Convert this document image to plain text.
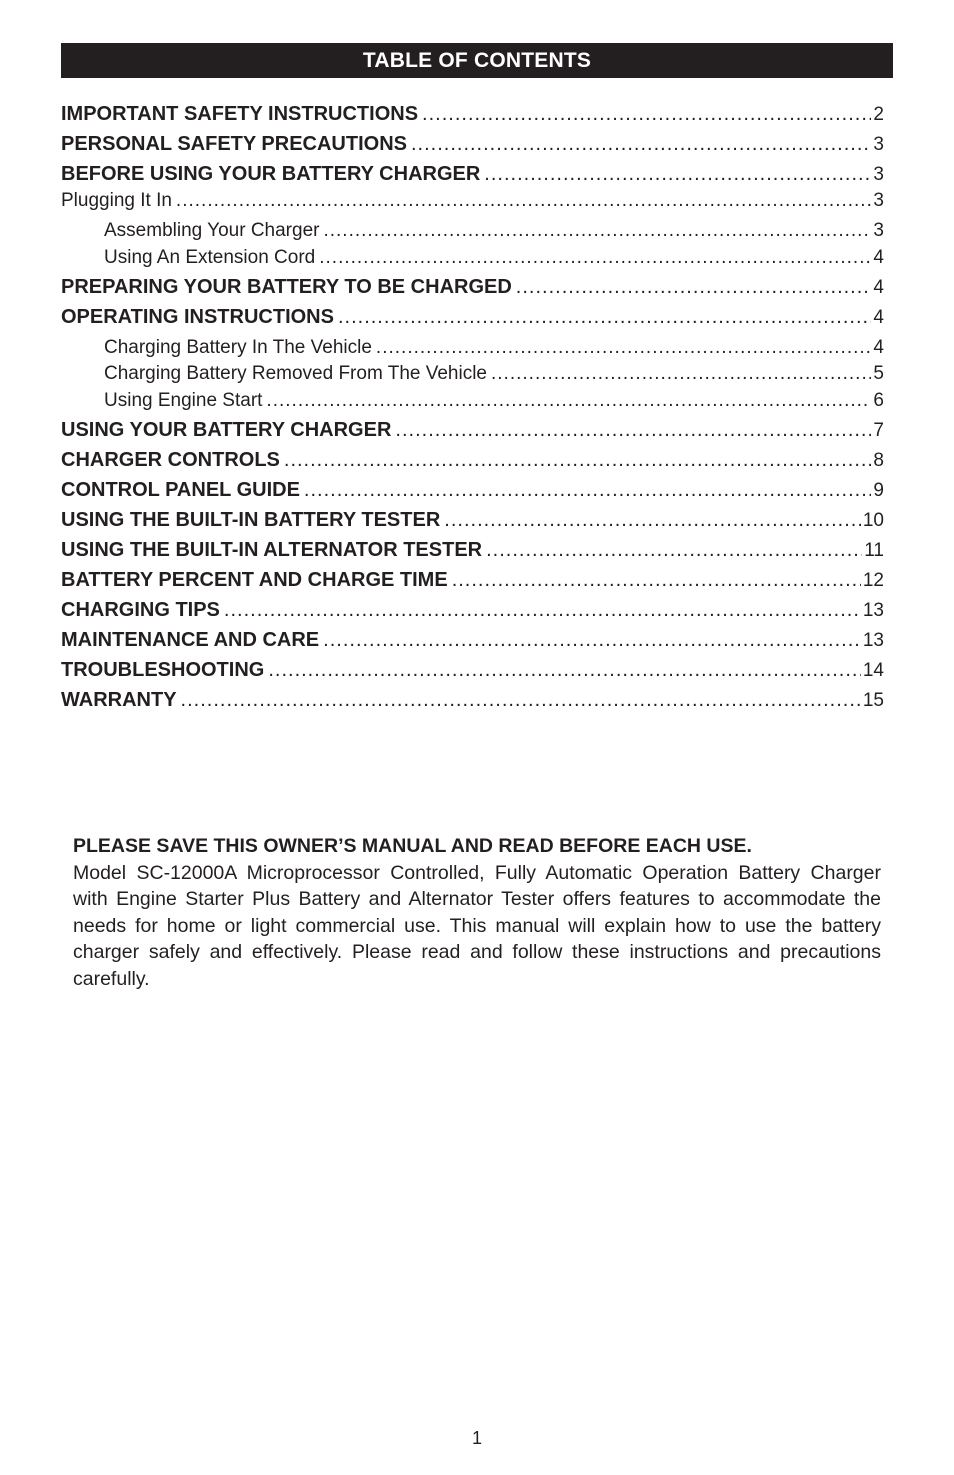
TABLE OF CONTENTS
IMPORTANT SAFETY INSTRUCTIONS .....	2
PERSONAL SAFETY PRECAUTIONS .....	3
BEFORE USING YOUR BATTERY CHARGER .....	3
Plugging It In .....	3
Assembling Your Charger .....	3
Using An Extension Cord .....	4
PREPARING YOUR BATTERY TO BE CHARGED .....	4
OPERATING INSTRUCTIONS .....	4
Charging Battery In The Vehicle .....	4
Charging Battery Removed From The Vehicle .....	5
Using Engine Start .....	6
USING YOUR BATTERY CHARGER .....	7
CHARGER CONTROLS .....	8
CONTROL PANEL GUIDE .....	9
USING THE BUILT-IN BATTERY TESTER .....	10
USING THE BUILT-IN ALTERNATOR TESTER .....	11
BATTERY PERCENT AND CHARGE TIME .....	12
CHARGING TIPS .....	13
MAINTENANCE AND CARE .....	13
TROUBLESHOOTING .....	14
WARRANTY .....	15
PLEASE SAVE THIS OWNER’S MANUAL AND READ BEFORE EACH USE.
Model SC-12000A Microprocessor Controlled, Fully Automatic Operation Battery Charger with Engine Starter Plus Battery and Alternator Tester offers features to accommodate the needs for home or light commercial use. This manual will explain how to use the battery charger safely and effectively. Please read and follow these instructions and precautions carefully.
1
